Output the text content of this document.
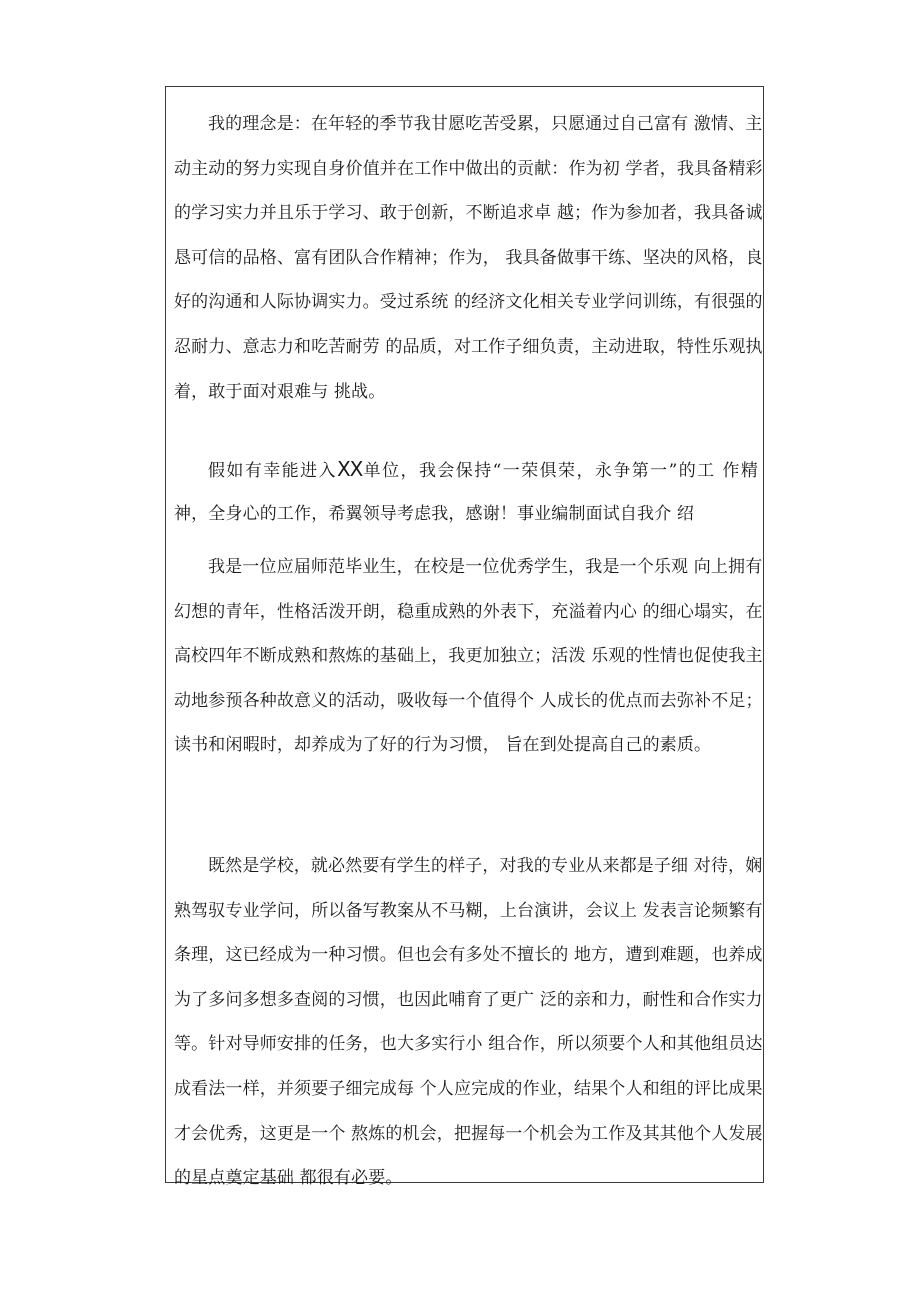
我的理念是：在年轻的季节我甘愿吃苦受累，只愿通过自己富有 激情、主
动主动的努力实现自身价值并在工作中做出的贡献：作为初 学者，我具备精彩
的学习实力并且乐于学习、敢于创新，不断追求卓 越；作为参加者，我具备诚
恳可信的品格、富有团队合作精神；作为， 我具备做事干练、坚决的风格，良
好的沟通和人际协调实力。受过系统 的经济文化相关专业学问训练，有很强的
忍耐力、意志力和吃苦耐劳 的品质，对工作子细负责，主动进取，特性乐观执
着，敢于面对艰难与 挑战。
假如有幸能进入XX单位，我会保持“一荣俱荣，永争第一”的工 作精
神，全身心的工作，希翼领导考虑我，感谢！事业编制面试自我介 绍
我是一位应届师范毕业生，在校是一位优秀学生，我是一个乐观 向上拥有
幻想的青年，性格活泼开朗，稳重成熟的外表下，充溢着内心 的细心塌实，在
高校四年不断成熟和熬炼的基础上，我更加独立；活泼 乐观的性情也促使我主
动地参预各种故意义的活动，吸收每一个值得个 人成长的优点而去弥补不足；
读书和闲暇时，却养成为了好的行为习惯， 旨在到处提高自己的素质。
既然是学校，就必然要有学生的样子，对我的专业从来都是子细 对待，娴
熟驾驭专业学问，所以备写教案从不马糊，上台演讲，会议上 发表言论频繁有
条理，这已经成为一种习惯。但也会有多处不擅长的 地方，遭到难题，也养成
为了多问多想多查阅的习惯，也因此哺育了更广 泛的亲和力，耐性和合作实力
等。针对导师安排的任务，也大多实行小 组合作，所以须要个人和其他组员达
成看法一样，并须要子细完成每 个人应完成的作业，结果个人和组的评比成果
才会优秀，这更是一个 熬炼的机会，把握每一个机会为工作及其其他个人发展
的星点奠定基础 都很有必要。
